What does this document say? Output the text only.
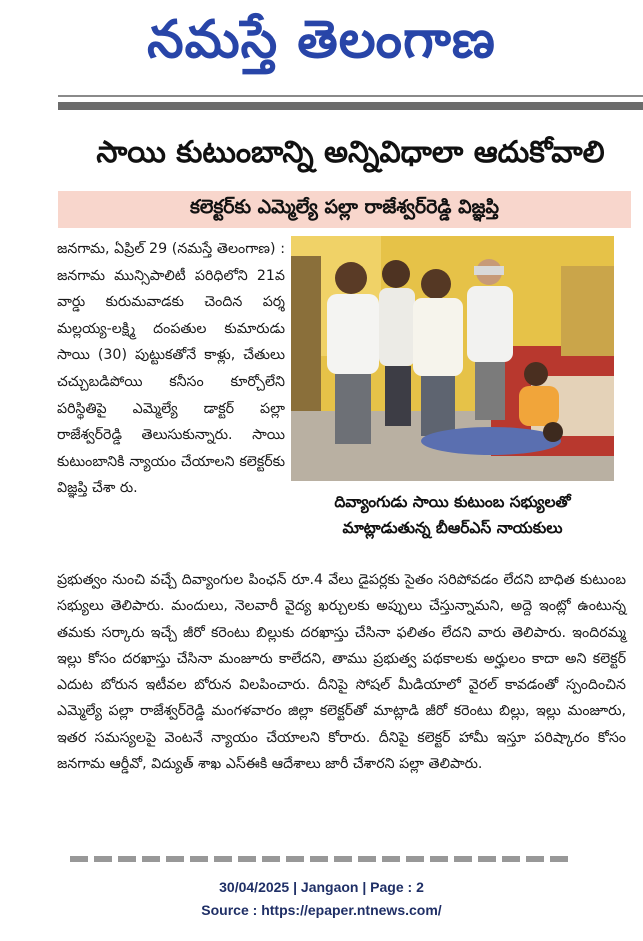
నమస్తే తెలంగాణ
సాయి కుటుంబాన్ని అన్నివిధాలా ఆదుకోవాలి
కలెక్టర్‌కు ఎమ్మెల్యే పల్లా రాజేశ్వర్‌రెడ్డి విజ్ఞప్తి
జనగామ, ఏప్రిల్ 29 (నమస్తే తెలంగాణ) : జనగామ మున్సిపాలిటీ పరిధిలోని 21వ వార్డు కురుమవాడకు చెందిన పర్శ మల్లయ్య-లక్ష్మి దంపతుల కుమారుడు సాయి (30) పుట్టుకతోనే కాళ్లు, చేతులు చచ్చుబడిపోయి కనీసం కూర్చోలేని పరిస్థితిపై ఎమ్మెల్యే డాక్టర్ పల్లా రాజేశ్వర్‌రెడ్డి తెలుసుకున్నారు. సాయి కుటుంబానికి న్యాయం చేయాలని కలెక్టర్‌కు విజ్ఞప్తి చేశా రు.
దివ్యాంగుడు సాయి కుటుంబ సభ్యులతో
మాట్లాడుతున్న బీఆర్ఎస్ నాయకులు
ప్రభుత్వం నుంచి వచ్చే దివ్యాంగుల పింఛన్ రూ.4 వేలు డైపర్లకు సైతం సరిపోవడం లేదని బాధిత కుటుంబ సభ్యులు తెలిపారు. మందులు, నెలవారీ వైద్య ఖర్చులకు అప్పులు చేస్తున్నామని, అద్దె ఇంట్లో ఉంటున్న తమకు సర్కారు ఇచ్చే జీరో కరెంటు బిల్లుకు దరఖాస్తు చేసినా ఫలితం లేదని వారు తెలిపారు. ఇందిరమ్మ ఇల్లు కోసం దరఖాస్తు చేసినా మంజూరు కాలేదని, తాము ప్రభుత్వ పథకాలకు అర్హులం కాదా అని కలెక్టర్ ఎదుట బోరున ఇటీవల బోరున విలపించారు. దీనిపై సోషల్ మీడియాలో వైరల్ కావడంతో స్పందించిన ఎమ్మెల్యే పల్లా రాజేశ్వర్‌రెడ్డి మంగళవారం జిల్లా కలెక్టర్‌తో మాట్లాడి జీరో కరెంటు బిల్లు, ఇల్లు మంజూరు, ఇతర సమస్యలపై వెంటనే న్యాయం చేయాలని కోరారు. దీనిపై కలెక్టర్ హామీ ఇస్తూ పరిష్కారం కోసం జనగామ ఆర్డీవో, విద్యుత్ శాఖ ఎస్ఈకి ఆదేశాలు జారీ చేశారని పల్లా తెలిపారు.
30/04/2025 | Jangaon | Page : 2
Source : https://epaper.ntnews.com/
